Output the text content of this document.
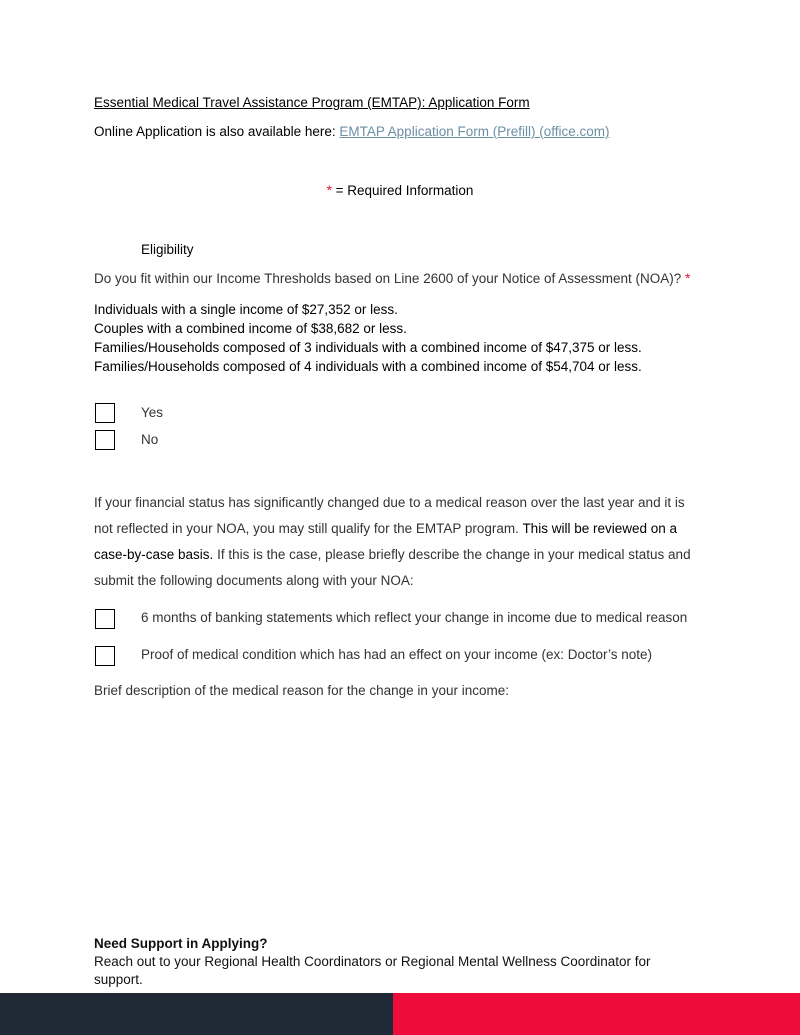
Essential Medical Travel Assistance Program (EMTAP): Application Form
Online Application is also available here: EMTAP Application Form (Prefill) (office.com)
* = Required Information
Eligibility
Do you fit within our Income Thresholds based on Line 2600 of your Notice of Assessment (NOA)? *
Individuals with a single income of $27,352 or less.
Couples with a combined income of $38,682 or less.
Families/Households composed of 3 individuals with a combined income of $47,375 or less.
Families/Households composed of 4 individuals with a combined income of $54,704 or less.
Yes
No
If your financial status has significantly changed due to a medical reason over the last year and it is not reflected in your NOA, you may still qualify for the EMTAP program. This will be reviewed on a case-by-case basis. If this is the case, please briefly describe the change in your medical status and submit the following documents along with your NOA:
6 months of banking statements which reflect your change in income due to medical reason
Proof of medical condition which has had an effect on your income (ex: Doctor’s note)
Brief description of the medical reason for the change in your income:
Need Support in Applying?
Reach out to your Regional Health Coordinators or Regional Mental Wellness Coordinator for support.
